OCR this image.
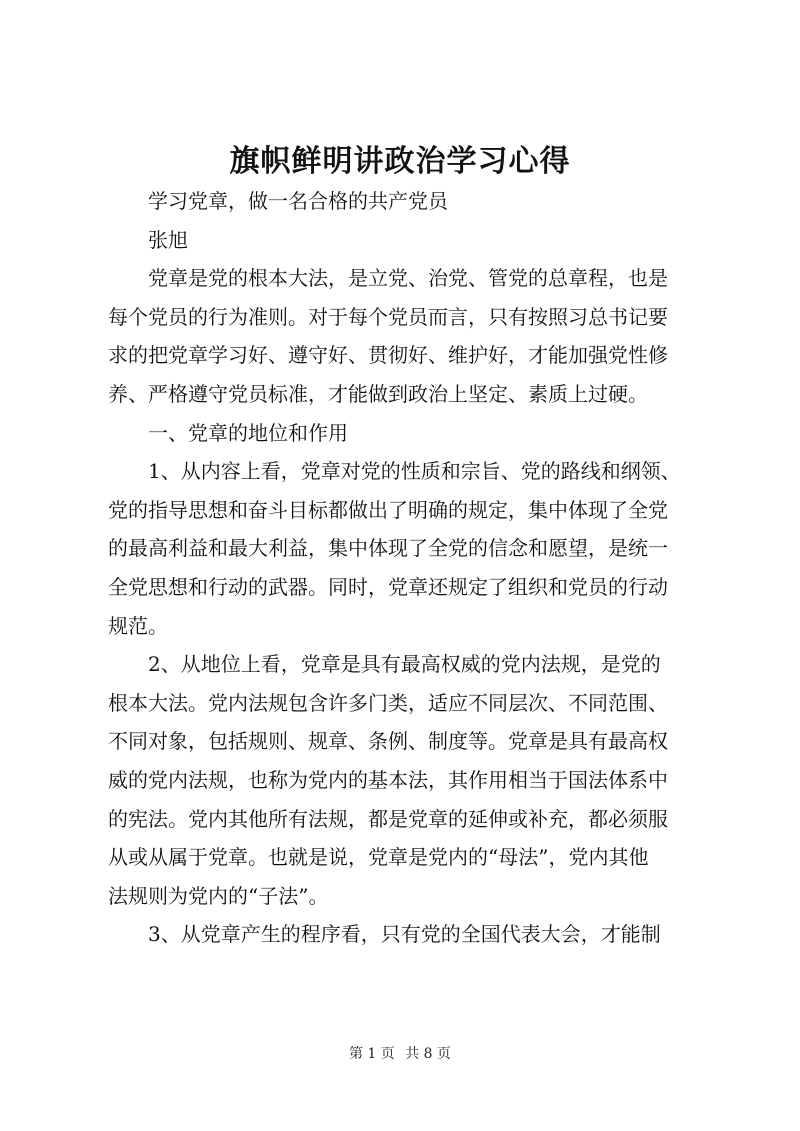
旗帜鲜明讲政治学习心得
学习党章，做一名合格的共产党员
张旭
党章是党的根本大法，是立党、治党、管党的总章程，也是
每个党员的行为准则。对于每个党员而言，只有按照习总书记要
求的把党章学习好、遵守好、贯彻好、维护好，才能加强党性修
养、严格遵守党员标准，才能做到政治上坚定、素质上过硬。
一、党章的地位和作用
1、从内容上看，党章对党的性质和宗旨、党的路线和纲领、
党的指导思想和奋斗目标都做出了明确的规定，集中体现了全党
的最高利益和最大利益，集中体现了全党的信念和愿望，是统一
全党思想和行动的武器。同时，党章还规定了组织和党员的行动
规范。
2、从地位上看，党章是具有最高权威的党内法规，是党的
根本大法。党内法规包含许多门类，适应不同层次、不同范围、
不同对象，包括规则、规章、条例、制度等。党章是具有最高权
威的党内法规，也称为党内的基本法，其作用相当于国法体系中
的宪法。党内其他所有法规，都是党章的延伸或补充，都必须服
从或从属于党章。也就是说，党章是党内的“母法”，党内其他
法规则为党内的“子法”。
3、从党章产生的程序看，只有党的全国代表大会，才能制
第 1 页 共 8 页
